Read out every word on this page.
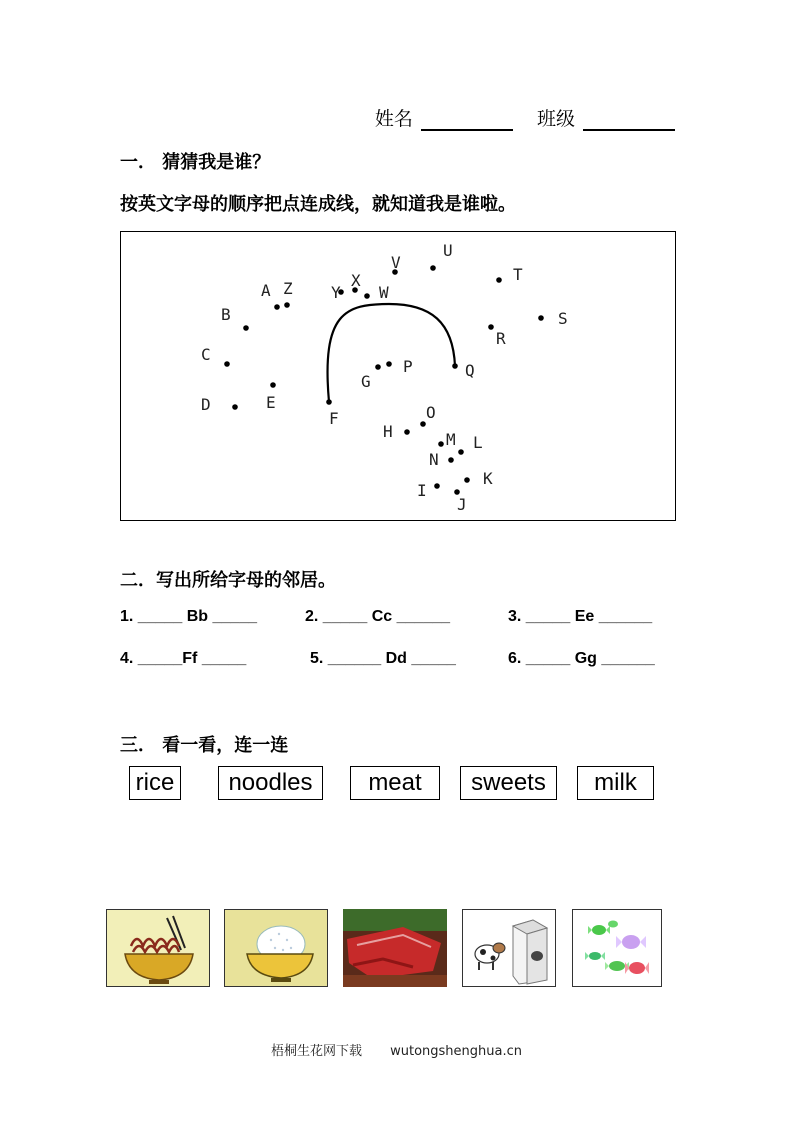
姓名	班级
一． 猜猜我是谁？
按英文字母的顺序把点连成线，就知道我是谁啦。
A Z
B
C
D	E
F
G
P
H
O
M L
N
I
K
J
Q
R
S
T
U
V
Y
X
W
二．写出所给字母的邻居。
1. _____ Bb _____	2. _____ Cc ______	3. _____ Ee ______
4. _____Ff _____	5. ______ Dd _____	6. _____ Gg ______
三． 看一看，连一连
rice	noodles	meat	sweets	milk
梧桐生花网下载 wutongshenghua.cn
